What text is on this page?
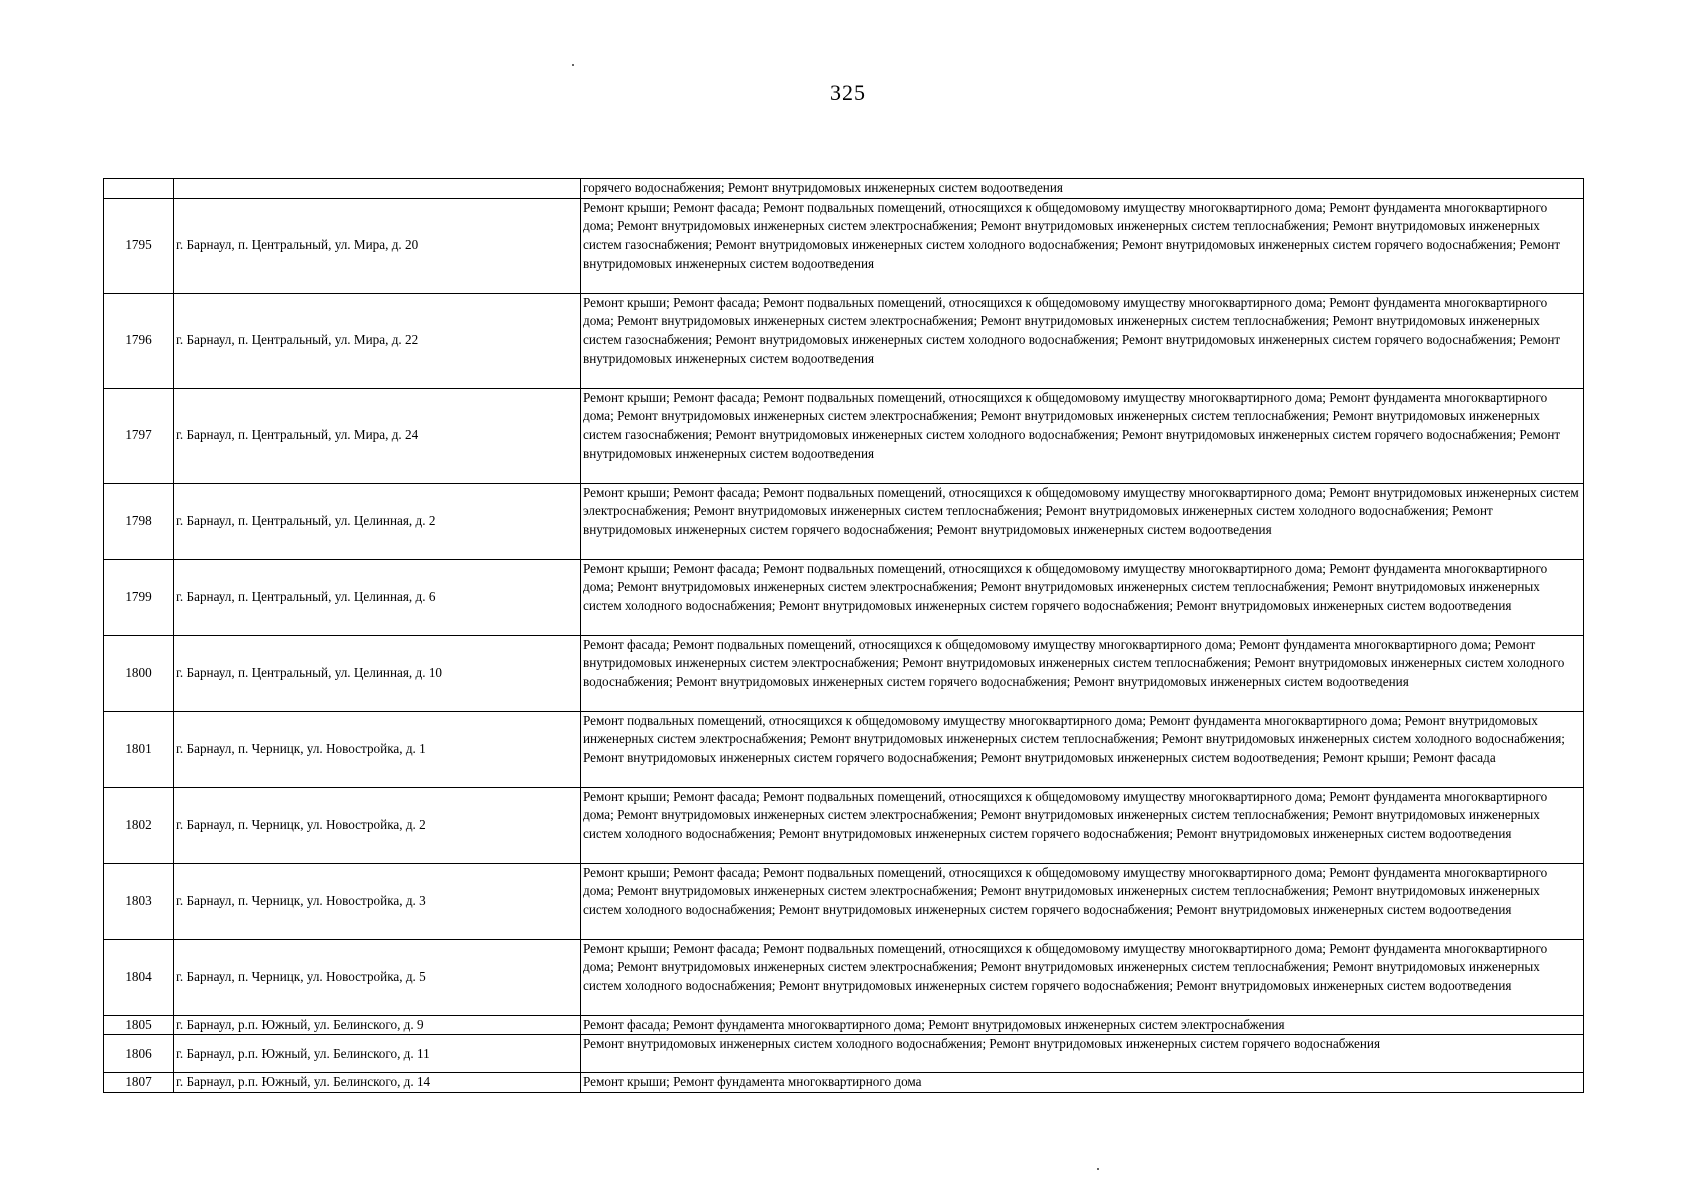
325
		горячего водоснабжения; Ремонт внутридомовых инженерных систем водоотведения
1795	г. Барнаул, п. Центральный, ул. Мира, д. 20	Ремонт крыши; Ремонт фасада; Ремонт подвальных помещений, относящихся к общедомовому имуществу многоквартирного дома; Ремонт фундамента многоквартирного дома; Ремонт внутридомовых инженерных систем электроснабжения; Ремонт внутридомовых инженерных систем теплоснабжения; Ремонт внутридомовых инженерных систем газоснабжения; Ремонт внутридомовых инженерных систем холодного водоснабжения; Ремонт внутридомовых инженерных систем горячего водоснабжения; Ремонт внутридомовых инженерных систем водоотведения
1796	г. Барнаул, п. Центральный, ул. Мира, д. 22	Ремонт крыши; Ремонт фасада; Ремонт подвальных помещений, относящихся к общедомовому имуществу многоквартирного дома; Ремонт фундамента многоквартирного дома; Ремонт внутридомовых инженерных систем электроснабжения; Ремонт внутридомовых инженерных систем теплоснабжения; Ремонт внутридомовых инженерных систем газоснабжения; Ремонт внутридомовых инженерных систем холодного водоснабжения; Ремонт внутридомовых инженерных систем горячего водоснабжения; Ремонт внутридомовых инженерных систем водоотведения
1797	г. Барнаул, п. Центральный, ул. Мира, д. 24	Ремонт крыши; Ремонт фасада; Ремонт подвальных помещений, относящихся к общедомовому имуществу многоквартирного дома; Ремонт фундамента многоквартирного дома; Ремонт внутридомовых инженерных систем электроснабжения; Ремонт внутридомовых инженерных систем теплоснабжения; Ремонт внутридомовых инженерных систем газоснабжения; Ремонт внутридомовых инженерных систем холодного водоснабжения; Ремонт внутридомовых инженерных систем горячего водоснабжения; Ремонт внутридомовых инженерных систем водоотведения
1798	г. Барнаул, п. Центральный, ул. Целинная, д. 2	Ремонт крыши; Ремонт фасада; Ремонт подвальных помещений, относящихся к общедомовому имуществу многоквартирного дома; Ремонт внутридомовых инженерных систем электроснабжения; Ремонт внутридомовых инженерных систем теплоснабжения; Ремонт внутридомовых инженерных систем холодного водоснабжения; Ремонт внутридомовых инженерных систем горячего водоснабжения; Ремонт внутридомовых инженерных систем водоотведения
1799	г. Барнаул, п. Центральный, ул. Целинная, д. 6	Ремонт крыши; Ремонт фасада; Ремонт подвальных помещений, относящихся к общедомовому имуществу многоквартирного дома; Ремонт фундамента многоквартирного дома; Ремонт внутридомовых инженерных систем электроснабжения; Ремонт внутридомовых инженерных систем теплоснабжения; Ремонт внутридомовых инженерных систем холодного водоснабжения; Ремонт внутридомовых инженерных систем горячего водоснабжения; Ремонт внутридомовых инженерных систем водоотведения
1800	г. Барнаул, п. Центральный, ул. Целинная, д. 10	Ремонт фасада; Ремонт подвальных помещений, относящихся к общедомовому имуществу многоквартирного дома; Ремонт фундамента многоквартирного дома; Ремонт внутридомовых инженерных систем электроснабжения; Ремонт внутридомовых инженерных систем теплоснабжения; Ремонт внутридомовых инженерных систем холодного водоснабжения; Ремонт внутридомовых инженерных систем горячего водоснабжения; Ремонт внутридомовых инженерных систем водоотведения
1801	г. Барнаул, п. Черницк, ул. Новостройка, д. 1	Ремонт подвальных помещений, относящихся к общедомовому имуществу многоквартирного дома; Ремонт фундамента многоквартирного дома; Ремонт внутридомовых инженерных систем электроснабжения; Ремонт внутридомовых инженерных систем теплоснабжения; Ремонт внутридомовых инженерных систем холодного водоснабжения; Ремонт внутридомовых инженерных систем горячего водоснабжения; Ремонт внутридомовых инженерных систем водоотведения; Ремонт крыши; Ремонт фасада
1802	г. Барнаул, п. Черницк, ул. Новостройка, д. 2	Ремонт крыши; Ремонт фасада; Ремонт подвальных помещений, относящихся к общедомовому имуществу многоквартирного дома; Ремонт фундамента многоквартирного дома; Ремонт внутридомовых инженерных систем электроснабжения; Ремонт внутридомовых инженерных систем теплоснабжения; Ремонт внутридомовых инженерных систем холодного водоснабжения; Ремонт внутридомовых инженерных систем горячего водоснабжения; Ремонт внутридомовых инженерных систем водоотведения
1803	г. Барнаул, п. Черницк, ул. Новостройка, д. 3	Ремонт крыши; Ремонт фасада; Ремонт подвальных помещений, относящихся к общедомовому имуществу многоквартирного дома; Ремонт фундамента многоквартирного дома; Ремонт внутридомовых инженерных систем электроснабжения; Ремонт внутридомовых инженерных систем теплоснабжения; Ремонт внутридомовых инженерных систем холодного водоснабжения; Ремонт внутридомовых инженерных систем горячего водоснабжения; Ремонт внутридомовых инженерных систем водоотведения
1804	г. Барнаул, п. Черницк, ул. Новостройка, д. 5	Ремонт крыши; Ремонт фасада; Ремонт подвальных помещений, относящихся к общедомовому имуществу многоквартирного дома; Ремонт фундамента многоквартирного дома; Ремонт внутридомовых инженерных систем электроснабжения; Ремонт внутридомовых инженерных систем теплоснабжения; Ремонт внутридомовых инженерных систем холодного водоснабжения; Ремонт внутридомовых инженерных систем горячего водоснабжения; Ремонт внутридомовых инженерных систем водоотведения
1805	г. Барнаул, р.п. Южный, ул. Белинского, д. 9	Ремонт фасада; Ремонт фундамента многоквартирного дома; Ремонт внутридомовых инженерных систем электроснабжения
1806	г. Барнаул, р.п. Южный, ул. Белинского, д. 11	Ремонт внутридомовых инженерных систем холодного водоснабжения; Ремонт внутридомовых инженерных систем горячего водоснабжения
1807	г. Барнаул, р.п. Южный, ул. Белинского, д. 14	Ремонт крыши; Ремонт фундамента многоквартирного дома
